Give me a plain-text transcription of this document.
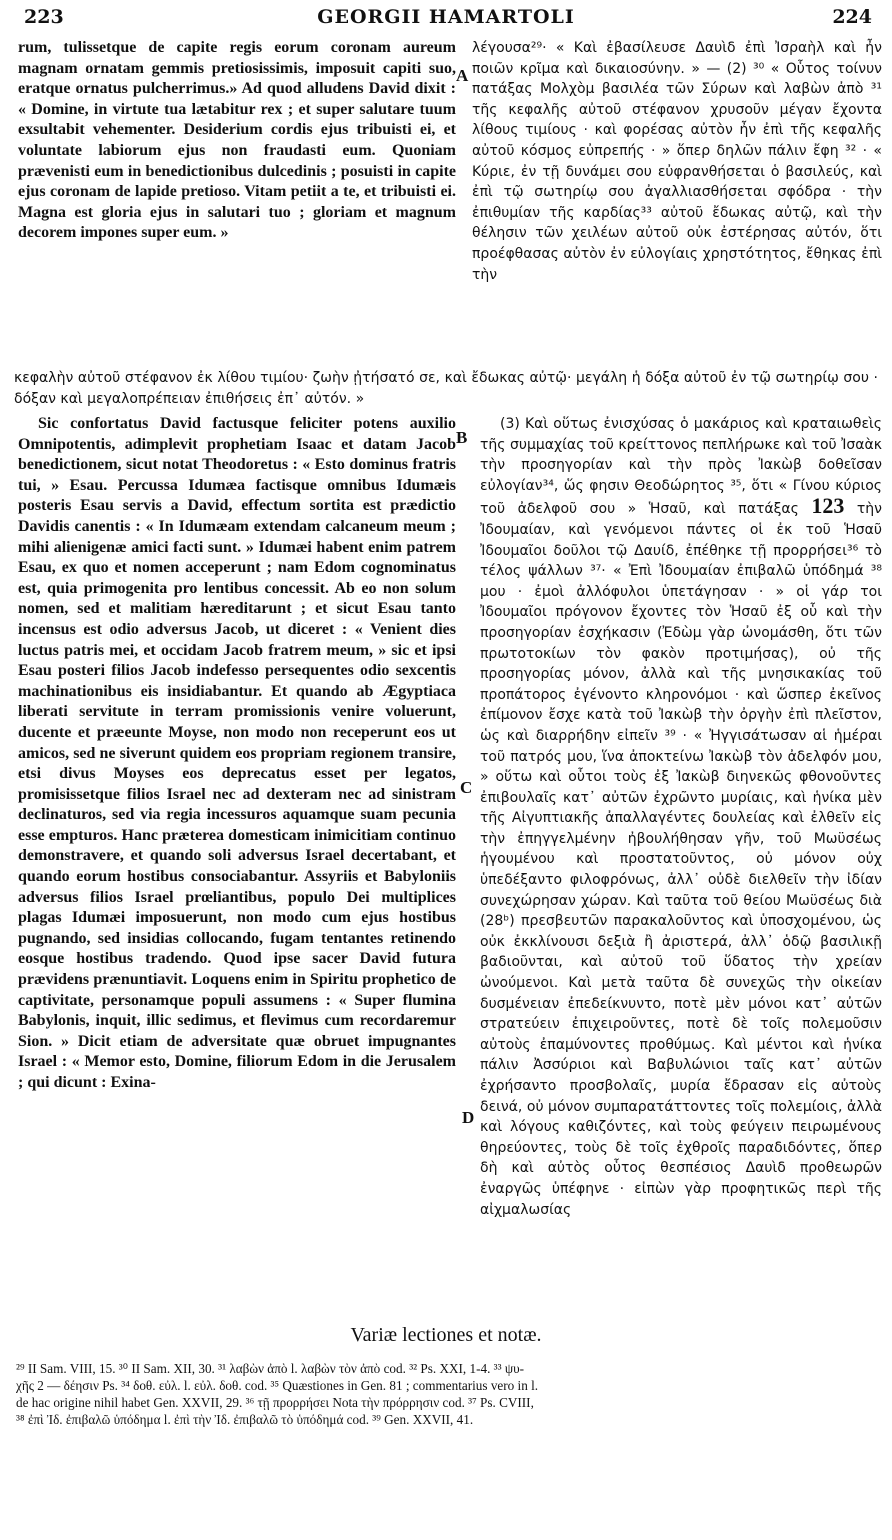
223	GEORGII HAMARTOLI	224

rum, tulissetque de capite regis eorum coronam aureum magnam ornatam gemmis pretiosissimis, imposuit capiti suo, eratque ornatus pulcherrimus.» Ad quod alludens David dixit : « Domine, in virtute tua lætabitur rex ; et super salutare tuum exsultabit vehementer. Desiderium cordis ejus tribuisti ei, et voluntate labiorum ejus non fraudasti eum. Quoniam prævenisti eum in benedictionibus dulcedinis ; posuisti in capite ejus coronam de lapide pretioso. Vitam petiit a te, et tribuisti ei. Magna est gloria ejus in salutari tuo ; gloriam et magnum decorem impones super eum. »

A

λέγουσα²⁹· « Καὶ ἐβασίλευσε Δαυὶδ ἐπὶ Ἰσραὴλ καὶ ἦν ποιῶν κρῖμα καὶ δικαιοσύνην. » — (2) ³⁰ « Οὗτος τοίνυν πατάξας Μολχὸμ βασιλέα τῶν Σύρων καὶ λαβὼν ἀπὸ ³¹ τῆς κεφαλῆς αὐτοῦ στέφανον χρυσοῦν μέγαν ἔχοντα λίθους τιμίους · καὶ φορέσας αὐτὸν ἦν ἐπὶ τῆς κεφαλῆς αὐτοῦ κόσμος εὐπρεπής · » ὅπερ δηλῶν πάλιν ἔφη ³² · « Κύριε, ἐν τῇ δυνάμει σου εὐφρανθήσεται ὁ βασιλεύς, καὶ ἐπὶ τῷ σωτηρίῳ σου ἀγαλλιασθήσεται σφόδρα · τὴν ἐπιθυμίαν τῆς καρδίας³³ αὐτοῦ ἔδωκας αὐτῷ, καὶ τὴν θέλησιν τῶν χειλέων αὐτοῦ οὐκ ἐστέρησας αὐτόν, ὅτι προέφθασας αὐτὸν ἐν εὐλογίαις χρηστότητος, ἔθηκας ἐπὶ τὴν

κεφαλὴν αὐτοῦ στέφανον ἐκ λίθου τιμίου· ζωὴν ᾐτήσατό σε, καὶ ἔδωκας αὐτῷ· μεγάλη ἡ δόξα αὐτοῦ ἐν τῷ σωτηρίῳ σου · δόξαν καὶ μεγαλοπρέπειαν ἐπιθήσεις ἐπ᾽ αὐτόν. »

Sic confortatus David factusque feliciter potens auxilio Omnipotentis, adimplevit prophetiam Isaac et datam Jacob benedictionem, sicut notat Theodoretus : « Esto dominus fratris tui, » Esau. Percussa Idumæa factisque omnibus Idumæis posteris Esau servis a David, effectum sortita est prædictio Davidis canentis : « In Idumæam extendam calcaneum meum ; mihi alienigenæ amici facti sunt. » Idumæi habent enim patrem Esau, ex quo et nomen acceperunt ; nam Edom cognominatus est, quia primogenita pro lentibus concessit. Ab eo non solum nomen, sed et malitiam hæreditarunt ; et sicut Esau tanto incensus est odio adversus Jacob, ut diceret : « Venient dies luctus patris mei, et occidam Jacob fratrem meum, » sic et ipsi Esau posteri filios Jacob indefesso persequentes odio sexcentis machinationibus eis insidiabantur. Et quando ab Ægyptiaca liberati servitute in terram promissionis venire voluerunt, ducente et præeunte Moyse, non modo non receperunt eos ut amicos, sed ne siverunt quidem eos propriam regionem transire, etsi divus Moyses eos deprecatus esset per legatos, promisissetque filios Israel nec ad dexteram nec ad sinistram declinaturos, sed via regia incessuros aquamque suam pecunia esse empturos. Hanc præterea domesticam inimicitiam continuo demonstravere, et quando soli adversus Israel decertabant, et quando eorum hostibus consociabantur. Assyriis et Babyloniis adversus filios Israel prœliantibus, populo Dei multiplices plagas Idumæi imposuerunt, non modo cum ejus hostibus pugnando, sed insidias collocando, fugam tentantes retinendo eosque hostibus tradendo. Quod ipse sacer David futura prævidens prænuntiavit. Loquens enim in Spiritu prophetico de captivitate, personamque populi assumens : « Super flumina Babylonis, inquit, illic sedimus, et flevimus cum recordaremur Sion. » Dicit etiam de adversitate quæ obruet impugnantes Israel : « Memor esto, Domine, filiorum Edom in die Jerusalem ; qui dicunt : Exina-

B
C
D

(3) Καὶ οὕτως ἐνισχύσας ὁ μακάριος καὶ κραταιωθεὶς τῆς συμμαχίας τοῦ κρείττονος πεπλήρωκε καὶ τοῦ Ἰσαὰκ τὴν προσηγορίαν καὶ τὴν πρὸς Ἰακὼβ δοθεῖσαν εὐλογίαν³⁴, ὥς φησιν Θεοδώρητος ³⁵, ὅτι « Γίνου κύριος τοῦ ἀδελφοῦ σου » Ἡσαῦ, καὶ πατάξας 123 τὴν Ἰδουμαίαν, καὶ γενόμενοι πάντες οἱ ἐκ τοῦ Ἡσαῦ Ἰδουμαῖοι δοῦλοι τῷ Δαυίδ, ἐπέθηκε τῇ προρρήσει³⁶ τὸ τέλος ψάλλων ³⁷· « Ἐπὶ Ἰδουμαίαν ἐπιβαλῶ ὑπόδημά ³⁸ μου · ἐμοὶ ἀλλόφυλοι ὑπετάγησαν · » οἱ γάρ τοι Ἰδουμαῖοι πρόγονον ἔχοντες τὸν Ἡσαῦ ἐξ οὗ καὶ τὴν προσηγορίαν ἐσχήκασιν (Ἐδὼμ γὰρ ὠνομάσθη, ὅτι τῶν πρωτοτοκίων τὸν φακὸν προτιμήσας), οὐ τῆς προσηγορίας μόνον, ἀλλὰ καὶ τῆς μνησικακίας τοῦ προπάτορος ἐγένοντο κληρονόμοι · καὶ ὥσπερ ἐκεῖνος ἐπίμονον ἔσχε κατὰ τοῦ Ἰακὼβ τὴν ὀργὴν ἐπὶ πλεῖστον, ὡς καὶ διαρρήδην εἰπεῖν ³⁹ · « Ἠγγισάτωσαν αἱ ἡμέραι τοῦ πατρός μου, ἵνα ἀποκτείνω Ἰακὼβ τὸν ἀδελφόν μου, » οὕτω καὶ οὗτοι τοὺς ἐξ Ἰακὼβ διηνεκῶς φθονοῦντες ἐπιβουλαῖς κατ᾽ αὐτῶν ἐχρῶντο μυρίαις, καὶ ἡνίκα μὲν τῆς Αἰγυπτιακῆς ἀπαλλαγέντες δουλείας καὶ ἐλθεῖν εἰς τὴν ἐπηγγελμένην ἠβουλήθησαν γῆν, τοῦ Μωϋσέως ἡγουμένου καὶ προστατοῦντος, οὐ μόνον οὐχ ὑπεδέξαντο φιλοφρόνως, ἀλλ᾽ οὐδὲ διελθεῖν τὴν ἰδίαν συνεχώρησαν χώραν. Καὶ ταῦτα τοῦ θείου Μωϋσέως διὰ (28ᵇ) πρεσβευτῶν παρακαλοῦντος καὶ ὑποσχομένου, ὡς οὐκ ἐκκλίνουσι δεξιὰ ἢ ἀριστερά, ἀλλ᾽ ὁδῷ βασιλικῇ βαδιοῦνται, καὶ αὐτοῦ τοῦ ὕδατος τὴν χρείαν ὠνούμενοι. Καὶ μετὰ ταῦτα δὲ συνεχῶς τὴν οἰκείαν δυσμένειαν ἐπεδείκνυντο, ποτὲ μὲν μόνοι κατ᾽ αὐτῶν στρατεύειν ἐπιχειροῦντες, ποτὲ δὲ τοῖς πολεμοῦσιν αὐτοὺς ἐπαμύνοντες προθύμως. Καὶ μέντοι καὶ ἡνίκα πάλιν Ἀσσύριοι καὶ Βαβυλώνιοι ταῖς κατ᾽ αὐτῶν ἐχρήσαντο προσβολαῖς, μυρία ἔδρασαν εἰς αὐτοὺς δεινά, οὐ μόνον συμπαρατάττοντες τοῖς πολεμίοις, ἀλλὰ καὶ λόγους καθιζόντες, καὶ τοὺς φεύγειν πειρωμένους θηρεύοντες, τοὺς δὲ τοῖς ἐχθροῖς παραδιδόντες, ὅπερ δὴ καὶ αὐτὸς οὗτος θεσπέσιος Δαυὶδ προθεωρῶν ἐναργῶς ὑπέφηνε · εἰπὼν γὰρ προφητικῶς περὶ τῆς αἰχμαλωσίας

Variæ lectiones et notæ.

²⁹ II Sam. VIII, 15. ³⁰ II Sam. XII, 30. ³¹ λαβὼν ἀπὸ l. λαβὼν τὸν ἀπὸ cod. ³² Ps. XXI, 1-4. ³³ ψυ-

χῆς 2 — δέησιν Ps. ³⁴ δοθ. εὐλ. l. εὐλ. δοθ. cod. ³⁵ Quæstiones in Gen. 81 ; commentarius vero in l.

de hac origine nihil habet Gen. XXVII, 29. ³⁶ τῇ προρρήσει Nota τὴν πρόρρησιν cod. ³⁷ Ps. CVIII,

³⁸ ἐπὶ Ἰδ. ἐπιβαλῶ ὑπόδημα l. ἐπὶ τὴν Ἰδ. ἐπιβαλῶ τὸ ὑπόδημά cod. ³⁹ Gen. XXVII, 41.
